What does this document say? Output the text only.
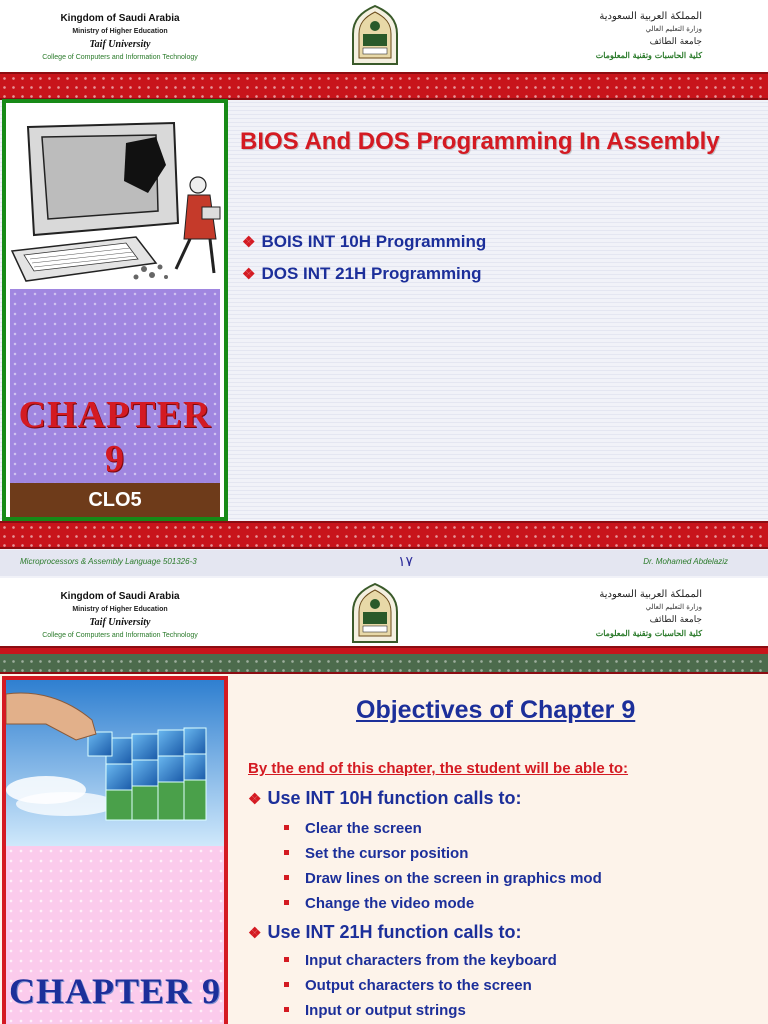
Kingdom of Saudi Arabia
Ministry of Higher Education
Taif University
College of Computers and Information Technology
المملكة العربية السعودية
وزارة التعليم العالي
جامعة الطائف
كلية الحاسبات وتقنية المعلومات
CHAPTER 9
CLO5
BIOS And DOS Programming In Assembly
❖ BOIS INT 10H Programming
❖ DOS INT 21H Programming
Microprocessors & Assembly Language 501326-3	١٧	Dr. Mohamed Abdelaziz
Kingdom of Saudi Arabia
Ministry of Higher Education
Taif University
College of Computers and Information Technology
المملكة العربية السعودية
وزارة التعليم العالي
جامعة الطائف
كلية الحاسبات وتقنية المعلومات
CHAPTER 9
Objectives of Chapter 9
By the end of this chapter, the student will be able to:
❖ Use INT 10H function calls to:
Clear the screen
Set the cursor position
Draw lines on the screen in graphics mod
Change the video mode
❖ Use INT 21H function calls to:
Input characters from the keyboard
Output characters to the screen
Input or output strings
